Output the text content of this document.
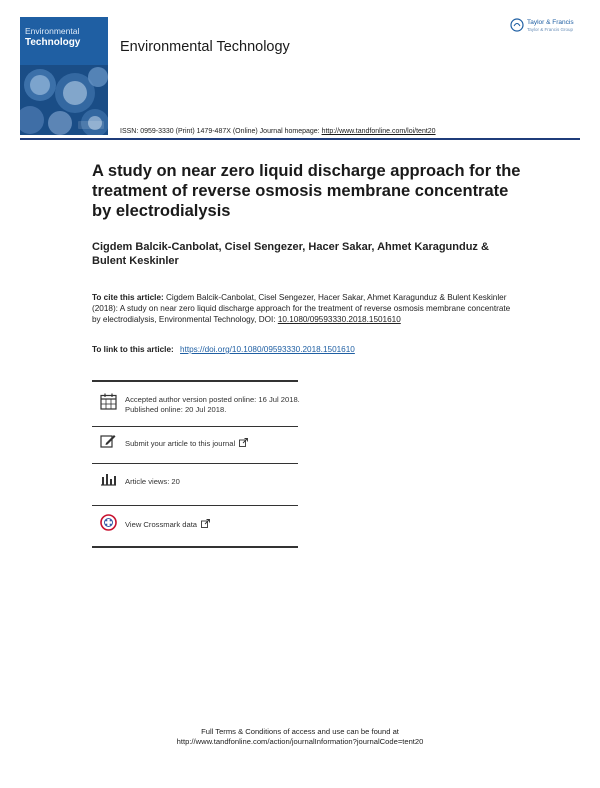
Environmental
Technology	Environmental Technology
Taylor & Francis
Taylor & Francis Group
ISSN: 0959-3330 (Print) 1479-487X (Online) Journal homepage: http://www.tandfonline.com/loi/tent20
A study on near zero liquid discharge approach for the treatment of reverse osmosis membrane concentrate by electrodialysis
Cigdem Balcik-Canbolat, Cisel Sengezer, Hacer Sakar, Ahmet Karagunduz & Bulent Keskinler
To cite this article: Cigdem Balcik-Canbolat, Cisel Sengezer, Hacer Sakar, Ahmet Karagunduz & Bulent Keskinler (2018): A study on near zero liquid discharge approach for the treatment of reverse osmosis membrane concentrate by electrodialysis, Environmental Technology, DOI: 10.1080/09593330.2018.1501610
To link to this article: https://doi.org/10.1080/09593330.2018.1501610
Accepted author version posted online: 16 Jul 2018.
Published online: 20 Jul 2018.
Submit your article to this journal
Article views: 20
View Crossmark data
Full Terms & Conditions of access and use can be found at
http://www.tandfonline.com/action/journalInformation?journalCode=tent20
